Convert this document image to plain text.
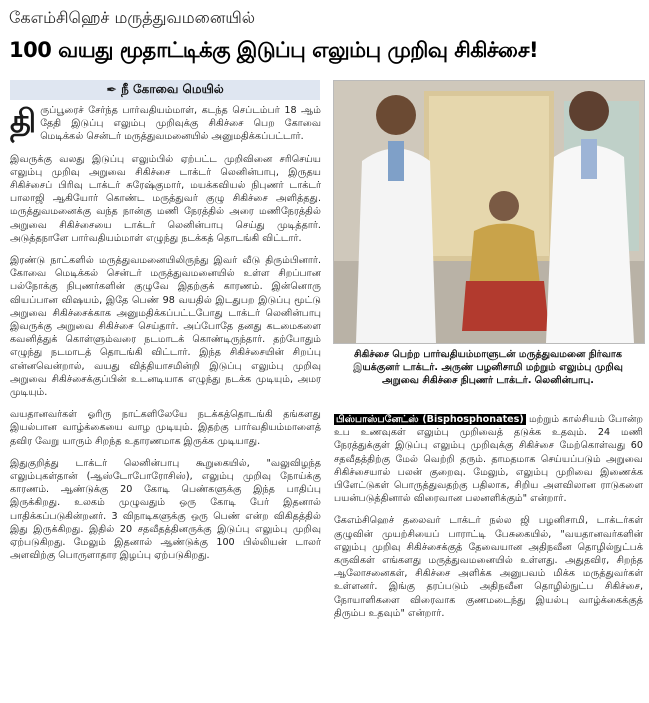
கேஎம்சிஹெச் மருத்துவமனையில்
100 வயது மூதாட்டிக்கு இடுப்பு எலும்பு முறிவு சிகிச்சை!
✒ நீ கோவை மெயில்

திருப்பூரைச் சேர்ந்த பார்வதியம்மாள், கடந்த செப்டம்பர் 18 ஆம் தேதி இடுப்பு எலும்பு முறிவுக்கு சிகிச்சை பெற கோவை மெடிக்கல் சென்டர் மருத்துவமனையில் அனுமதிக்கப்பட்டார்.

இவருக்கு வலது இடுப்பு எலும்பில் ஏற்பட்ட முறிவினை சரிசெய்ய எலும்பு முறிவு அறுவை சிகிச்சை டாக்டர் லெனின்பாபு, இருதய சிகிச்சைப் பிரிவு டாக்டர் சுரேஷ்குமார், மயக்கவியல் நிபுணர் டாக்டர் பாலாஜி ஆகியோர் கொண்ட மருத்துவர் குழு சிகிச்சை அளித்தது. மருத்துவமனைக்கு வந்த நான்கு மணி நேரத்தில் அரை மணிநேரத்தில் அறுவை சிகிச்சையை டாக்டர் லெனின்பாபு செய்து முடித்தார். அடுத்தநாளே பார்வதியம்மாள் எழுந்து நடக்கத் தொடங்கி விட்டார்.

இரண்டு நாட்களில் மருத்துவமனையிலிருந்து இவர் வீடு திரும்பினார். கோவை மெடிக்கல் சென்டர் மருத்துவமனையில் உள்ள சிறப்பான பல்நோக்கு நிபுணர்களின் குழுவே இதற்குக் காரணம். இன்னொரு வியப்பான விஷயம், இதே பெண் 98 வயதில் இடதுபற இடுப்பு மூட்டு அறுவை சிகிச்சைக்காக அனுமதிக்கப்பட்டபோது டாக்டர் லெனின்பாபு இவருக்கு அறுவை சிகிச்சை செய்தார். அப்போதே தனது கடமைகளை கவனித்துக் கொள்ளும்வரை நடமாடக் கொண்டிருந்தார். தற்போதும் எழுந்து நடமாடத் தொடங்கி விட்டார். இந்த சிகிச்சையின் சிறப்பு என்னவென்றால், வயது வித்தியாசமின்றி இடுப்பு எலும்பு முறிவு அறுவை சிகிச்சைக்குப்பின் உடனடியாக எழுந்து நடக்க முடியும், அமர முடியும்.

வயதானவர்கள் ஓரிரு நாட்களிலேயே நடக்கத்தொடங்கி தங்களது இயல்பான வாழ்க்கையை வாழ முடியும். இதற்கு பார்வதியம்மாளைத் தவிர வேறு யாரும் சிறந்த உதாரணமாக இருக்க முடியாது.

இதுகுறித்து டாக்டர் லெனின்பாபு கூறுகையில், "வலுவிழந்த எலும்புகள்தான் (ஆஸ்டோபோரோசிஸ்), எலும்பு முறிவு நோய்க்கு காரணம். ஆண்டுக்கு 20 கோடி பெண்களுக்கு இந்த பாதிப்பு இருக்கிறது. உலகம் முழுவதும் ஒரு கோடி பேர் இதனால் பாதிக்கப்படுகின்றனர். 3 விநாடிகளுக்கு ஒரு பெண் என்ற விகிதத்தில் இது இருக்கிறது. இதில் 20 சதவீதத்தினருக்கு இடுப்பு எலும்பு முறிவு ஏற்படுகிறது. மேலும் இதனால் ஆண்டுக்கு 100 பில்லியன் டாலர் அளவிற்கு பொருளாதார இழப்பு ஏற்படுகிறது.

சிகிச்சை பெற்ற பார்வதியம்மாளுடன் மருத்துவமனை நிர்வாக இயக்குனர் டாக்டர். அருண் பழனிசாமி மற்றும் எலும்பு முறிவு அறுவை சிகிச்சை நிபுணர் டாக்டர். லெனின்பாபு.

பிஸ்பாஸ்பனேட்ஸ் (Bisphosphonates) மற்றும் கால்சியம் போன்ற உப உணவுகள் எலும்பு முறிவைத் தடுக்க உதவும். 24 மணி நேரத்துக்குள் இடுப்பு எலும்பு முறிவுக்கு சிகிச்சை மேற்கொள்வது 60 சதவீதத்திற்கு மேல் வெற்றி தரும். தாமதமாக செய்யப்படும் அறுவை சிகிச்சையால் பலன் குறைவு. மேலும், எலும்பு முறிவை இணைக்க பிளேட்டுகள் பொருத்துவதற்கு பதிலாக, சிறிய அளவிலான ராடுகளை பயன்படுத்தினால் விரைவான பலனளிக்கும்" என்றார்.

கேஎம்சிஹெச் தலைவர் டாக்டர் நல்ல ஜி பழனிசாமி, டாக்டர்கள் குழுவின் முயற்சியைப் பாராட்டி பேசுகையில், "வயதானவர்களின் எலும்பு முறிவு சிகிச்சைக்குத் தேவையான அதிநவீன தொழில்நுட்பக் கருவிகள் எங்களது மருத்துவமனையில் உள்ளது. அதுதவிர, சிறந்த ஆலோசனைகள், சிகிச்சை அளிக்க அனுபவம் மிக்க மருத்துவர்கள் உள்ளனர். இங்கு தரப்படும் அதிநவீன தொழில்நுட்ப சிகிச்சை, நோயாளிகளை விரைவாக குணமடைந்து இயல்பு வாழ்க்கைக்குத் திரும்ப உதவும்" என்றார்.
